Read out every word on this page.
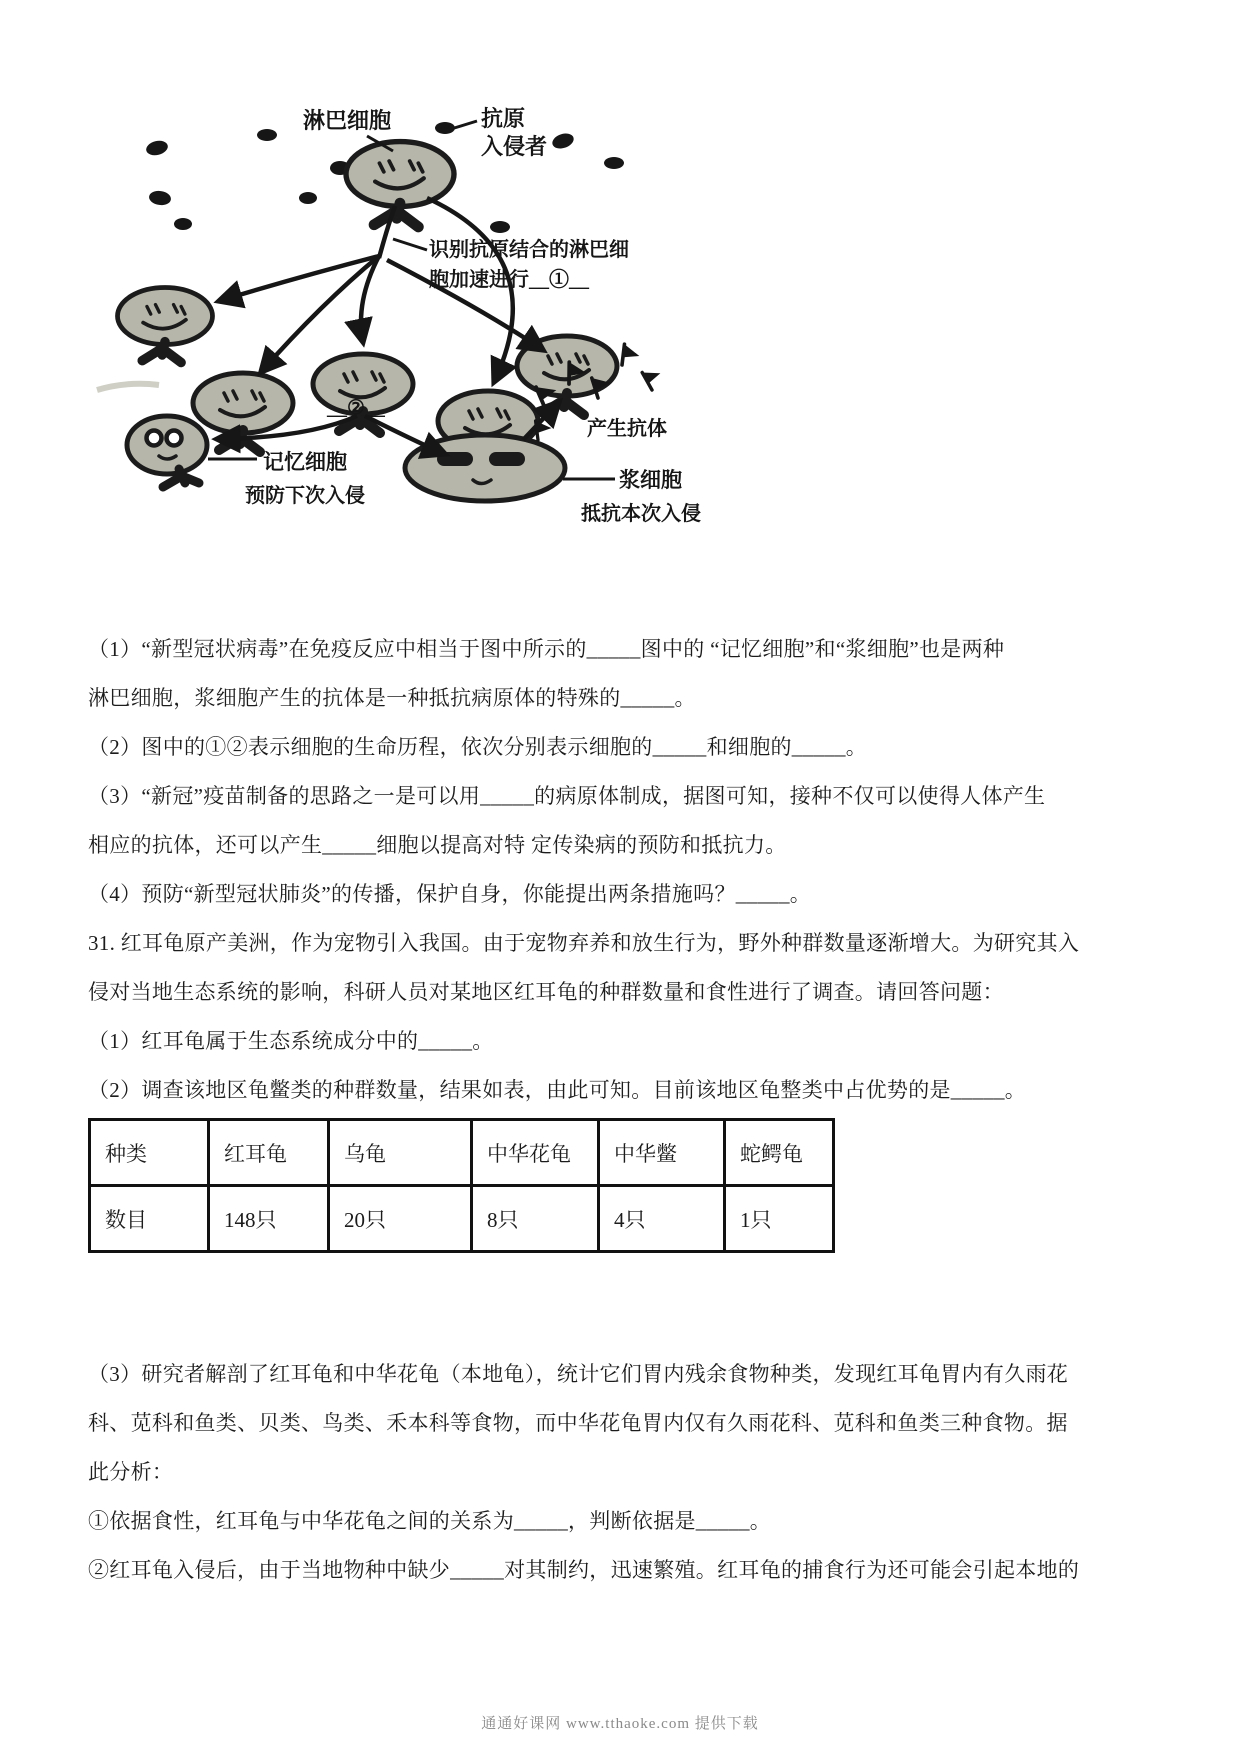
淋巴细胞	抗原
入侵者
识别抗原结合的淋巴细
胞加速进行__①__
__②__
记忆细胞
预防下次入侵
产生抗体
浆细胞
抵抗本次入侵
（1）“新型冠状病毒”在免疫反应中相当于图中所示的_____图中的 “记忆细胞”和“浆细胞”也是两种
淋巴细胞，浆细胞产生的抗体是一种抵抗病原体的特殊的_____。
（2）图中的①②表示细胞的生命历程，依次分别表示细胞的_____和细胞的_____。
（3）“新冠”疫苗制备的思路之一是可以用_____的病原体制成，据图可知，接种不仅可以使得人体产生
相应的抗体，还可以产生_____细胞以提高对特 定传染病的预防和抵抗力。
（4）预防“新型冠状肺炎”的传播，保护自身，你能提出两条措施吗？_____。
31. 红耳龟原产美洲，作为宠物引入我国。由于宠物弃养和放生行为，野外种群数量逐渐增大。为研究其入
侵对当地生态系统的影响，科研人员对某地区红耳龟的种群数量和食性进行了调查。请回答问题：
（1）红耳龟属于生态系统成分中的_____。
（2）调查该地区龟鳖类的种群数量，结果如表，由此可知。目前该地区龟整类中占优势的是_____。
种类	红耳龟	乌龟	中华花龟	中华鳖	蛇鳄龟
数目	148只	20只	8只	4只	1只
（3）研究者解剖了红耳龟和中华花龟（本地龟），统计它们胃内残余食物种类，发现红耳龟胃内有久雨花
科、苋科和鱼类、贝类、鸟类、禾本科等食物，而中华花龟胃内仅有久雨花科、苋科和鱼类三种食物。据
此分析：
①依据食性，红耳龟与中华花龟之间的关系为_____，判断依据是_____。
②红耳龟入侵后，由于当地物种中缺少_____对其制约，迅速繁殖。红耳龟的捕食行为还可能会引起本地的
通通好课网 www.tthaoke.com 提供下载
